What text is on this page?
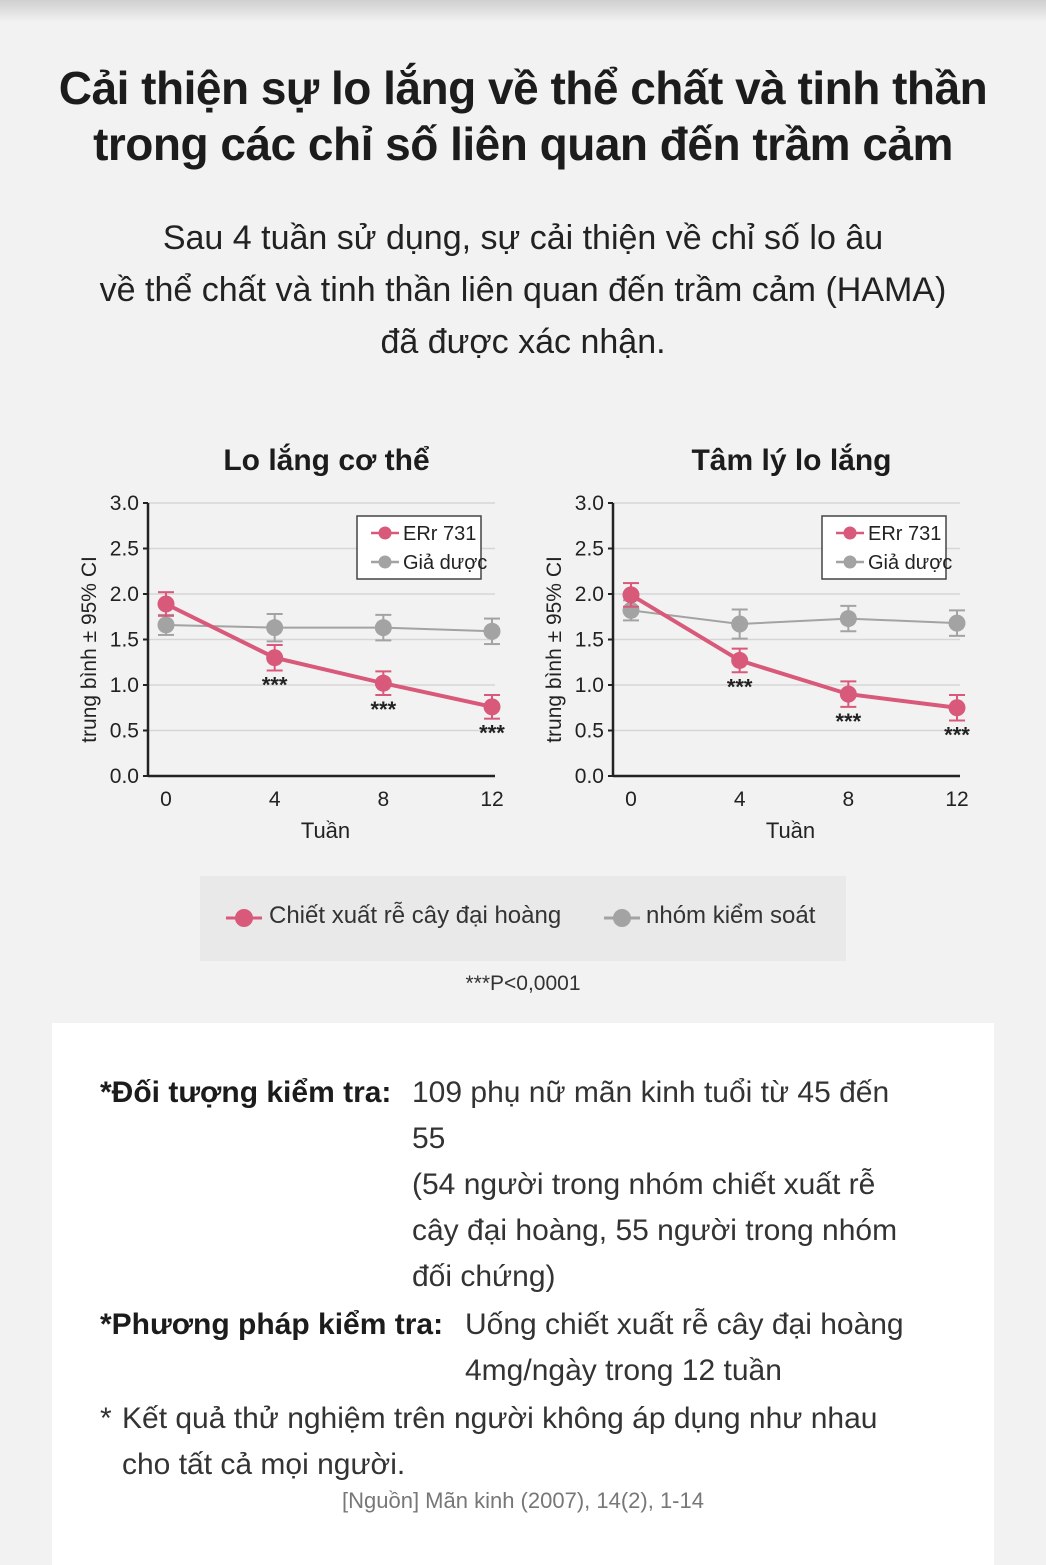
Cải thiện sự lo lắng về thể chất và tinh thần
trong các chỉ số liên quan đến trầm cảm
Sau 4 tuần sử dụng, sự cải thiện về chỉ số lo âu
về thể chất và tinh thần liên quan đến trầm cảm (HAMA)
đã được xác nhận.
Lo lắng cơ thể
0.0
0.5
1.0
1.5
2.0
2.5
3.0
0	4	8	12
Tuần
trung bình ± 95% CI	***
***
***
ERr 731
Giả dược
Tâm lý lo lắng
0.0
0.5
1.0
1.5
2.0
2.5
3.0
0	4	8	12
Tuần
trung bình ± 95% CI	***
***
***
ERr 731
Giả dược
Chiết xuất rễ cây đại hoàng	nhóm kiểm soát
***P<0,0001
*Đối tượng kiểm tra: 109 phụ nữ mãn kinh tuổi từ 45 đến
55
(54 người trong nhóm chiết xuất rễ
cây đại hoàng, 55 người trong nhóm
đối chứng)
*Phương pháp kiểm tra: Uống chiết xuất rễ cây đại hoàng
4mg/ngày trong 12 tuần
* Kết quả thử nghiệm trên người không áp dụng như nhau
cho tất cả mọi người.
[Nguồn] Mãn kinh (2007), 14(2), 1-14
